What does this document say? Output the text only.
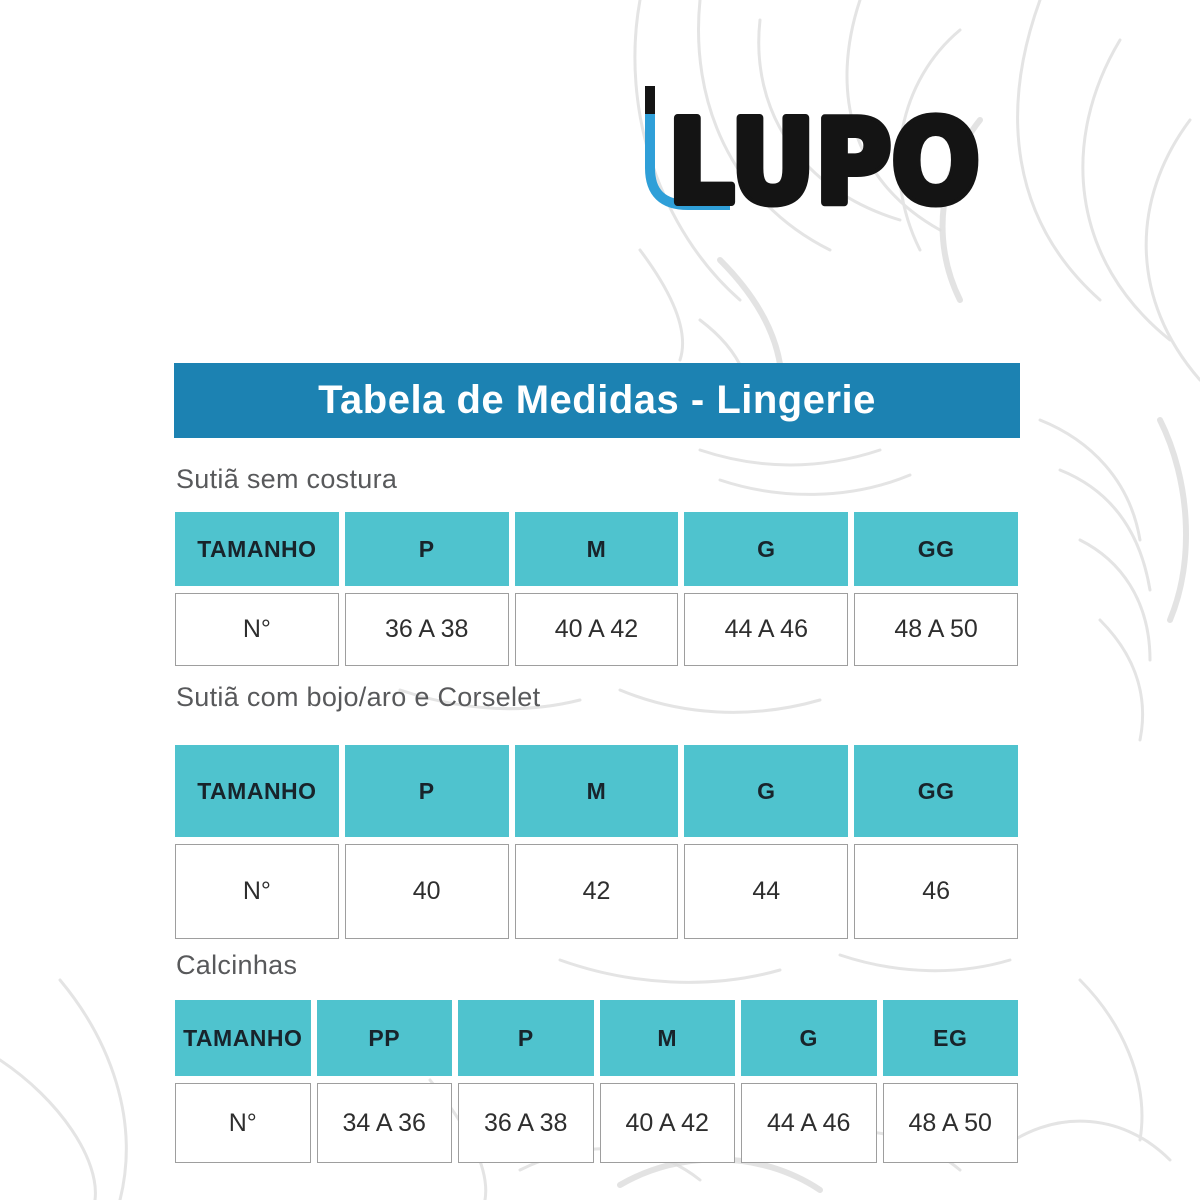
LUPO
Tabela de Medidas - Lingerie
Sutiã sem costura
TAMANHO	P	M	G	GG
N°	36 A 38	40 A 42	44 A 46	48 A 50
Sutiã com bojo/aro e Corselet
TAMANHO	P	M	G	GG
N°	40	42	44	46
Calcinhas
TAMANHO	PP	P	M	G	EG
N°	34 A 36	36 A 38	40 A 42	44 A 46	48 A 50
